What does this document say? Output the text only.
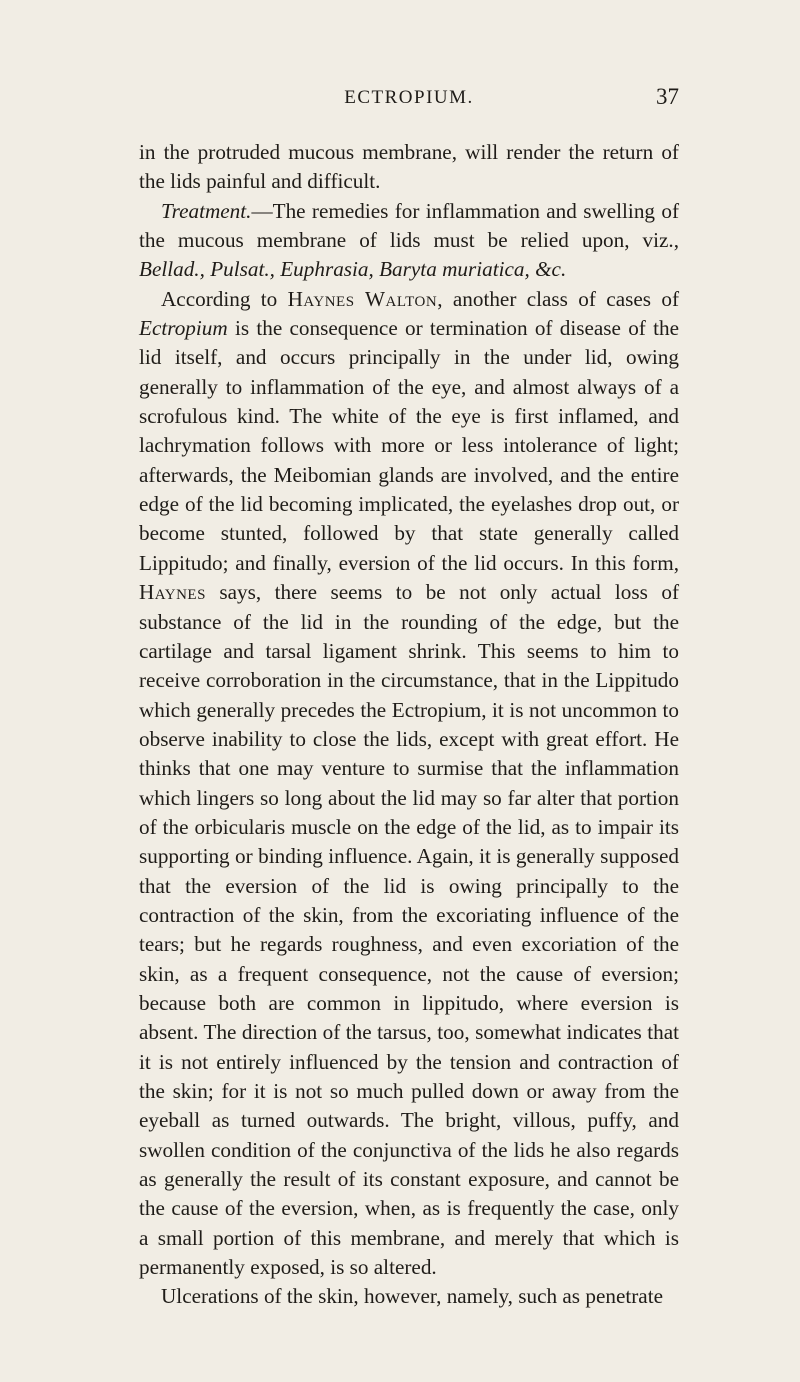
ECTROPIUM.	37

in the protruded mucous membrane, will render the return of the lids painful and difficult.

Treatment.—The remedies for inflammation and swelling of the mucous membrane of lids must be relied upon, viz., Bellad., Pulsat., Euphrasia, Baryta muriatica, &c.

According to Haynes Walton, another class of cases of Ectropium is the consequence or termination of disease of the lid itself, and occurs principally in the under lid, owing generally to inflammation of the eye, and almost always of a scrofulous kind. The white of the eye is first inflamed, and lachrymation follows with more or less intolerance of light; afterwards, the Meibomian glands are involved, and the entire edge of the lid becoming implicated, the eyelashes drop out, or become stunted, followed by that state generally called Lippitudo; and finally, eversion of the lid occurs. In this form, Haynes says, there seems to be not only actual loss of substance of the lid in the rounding of the edge, but the cartilage and tarsal ligament shrink. This seems to him to receive corroboration in the circumstance, that in the Lippitudo which generally precedes the Ectropium, it is not uncommon to observe inability to close the lids, except with great effort. He thinks that one may venture to surmise that the inflammation which lingers so long about the lid may so far alter that portion of the orbicularis muscle on the edge of the lid, as to impair its supporting or binding influence. Again, it is generally supposed that the eversion of the lid is owing principally to the contraction of the skin, from the excoriating influence of the tears; but he regards roughness, and even excoriation of the skin, as a frequent consequence, not the cause of eversion; because both are common in lippitudo, where eversion is absent. The direction of the tarsus, too, somewhat indicates that it is not entirely influenced by the tension and contraction of the skin; for it is not so much pulled down or away from the eyeball as turned outwards. The bright, villous, puffy, and swollen condition of the conjunctiva of the lids he also regards as generally the result of its constant exposure, and cannot be the cause of the eversion, when, as is frequently the case, only a small portion of this membrane, and merely that which is permanently exposed, is so altered.

Ulcerations of the skin, however, namely, such as penetrate
